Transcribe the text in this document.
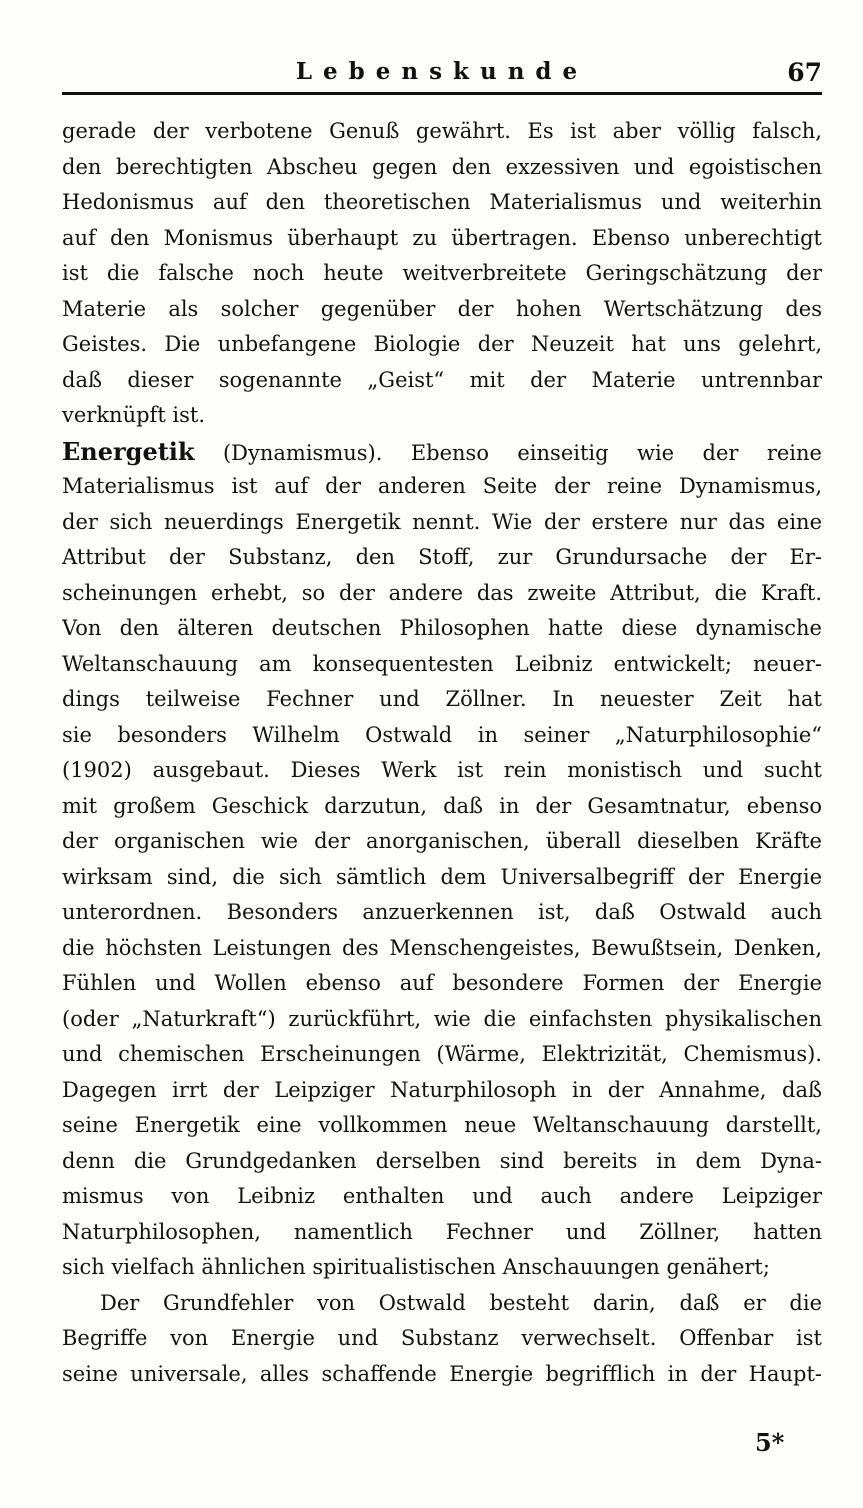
Lebenskunde	67
gerade der verbotene Genuß gewährt. Es ist aber völlig falsch,
den berechtigten Abscheu gegen den exzessiven und egoistischen
Hedonismus auf den theoretischen Materialismus und weiterhin
auf den Monismus überhaupt zu übertragen. Ebenso unberechtigt
ist die falsche noch heute weitverbreitete Geringschätzung der
Materie als solcher gegenüber der hohen Wertschätzung des
Geistes. Die unbefangene Biologie der Neuzeit hat uns gelehrt,
daß dieser sogenannte „Geist“ mit der Materie untrennbar
verknüpft ist.
Energetik (Dynamismus). Ebenso einseitig wie der reine
Materialismus ist auf der anderen Seite der reine Dynamismus,
der sich neuerdings Energetik nennt. Wie der erstere nur das eine
Attribut der Substanz, den Stoff, zur Grundursache der Er-
scheinungen erhebt, so der andere das zweite Attribut, die Kraft.
Von den älteren deutschen Philosophen hatte diese dynamische
Weltanschauung am konsequentesten Leibniz entwickelt; neuer-
dings teilweise Fechner und Zöllner. In neuester Zeit hat
sie besonders Wilhelm Ostwald in seiner „Naturphilosophie“
(1902) ausgebaut. Dieses Werk ist rein monistisch und sucht
mit großem Geschick darzutun, daß in der Gesamtnatur, ebenso
der organischen wie der anorganischen, überall dieselben Kräfte
wirksam sind, die sich sämtlich dem Universalbegriff der Energie
unterordnen. Besonders anzuerkennen ist, daß Ostwald auch
die höchsten Leistungen des Menschengeistes, Bewußtsein, Denken,
Fühlen und Wollen ebenso auf besondere Formen der Energie
(oder „Naturkraft“) zurückführt, wie die einfachsten physikalischen
und chemischen Erscheinungen (Wärme, Elektrizität, Chemismus).
Dagegen irrt der Leipziger Naturphilosoph in der Annahme, daß
seine Energetik eine vollkommen neue Weltanschauung darstellt,
denn die Grundgedanken derselben sind bereits in dem Dyna-
mismus von Leibniz enthalten und auch andere Leipziger
Naturphilosophen, namentlich Fechner und Zöllner, hatten
sich vielfach ähnlichen spiritualistischen Anschauungen genähert;
Der Grundfehler von Ostwald besteht darin, daß er die
Begriffe von Energie und Substanz verwechselt. Offenbar ist
seine universale, alles schaffende Energie begrifflich in der Haupt-
5*
